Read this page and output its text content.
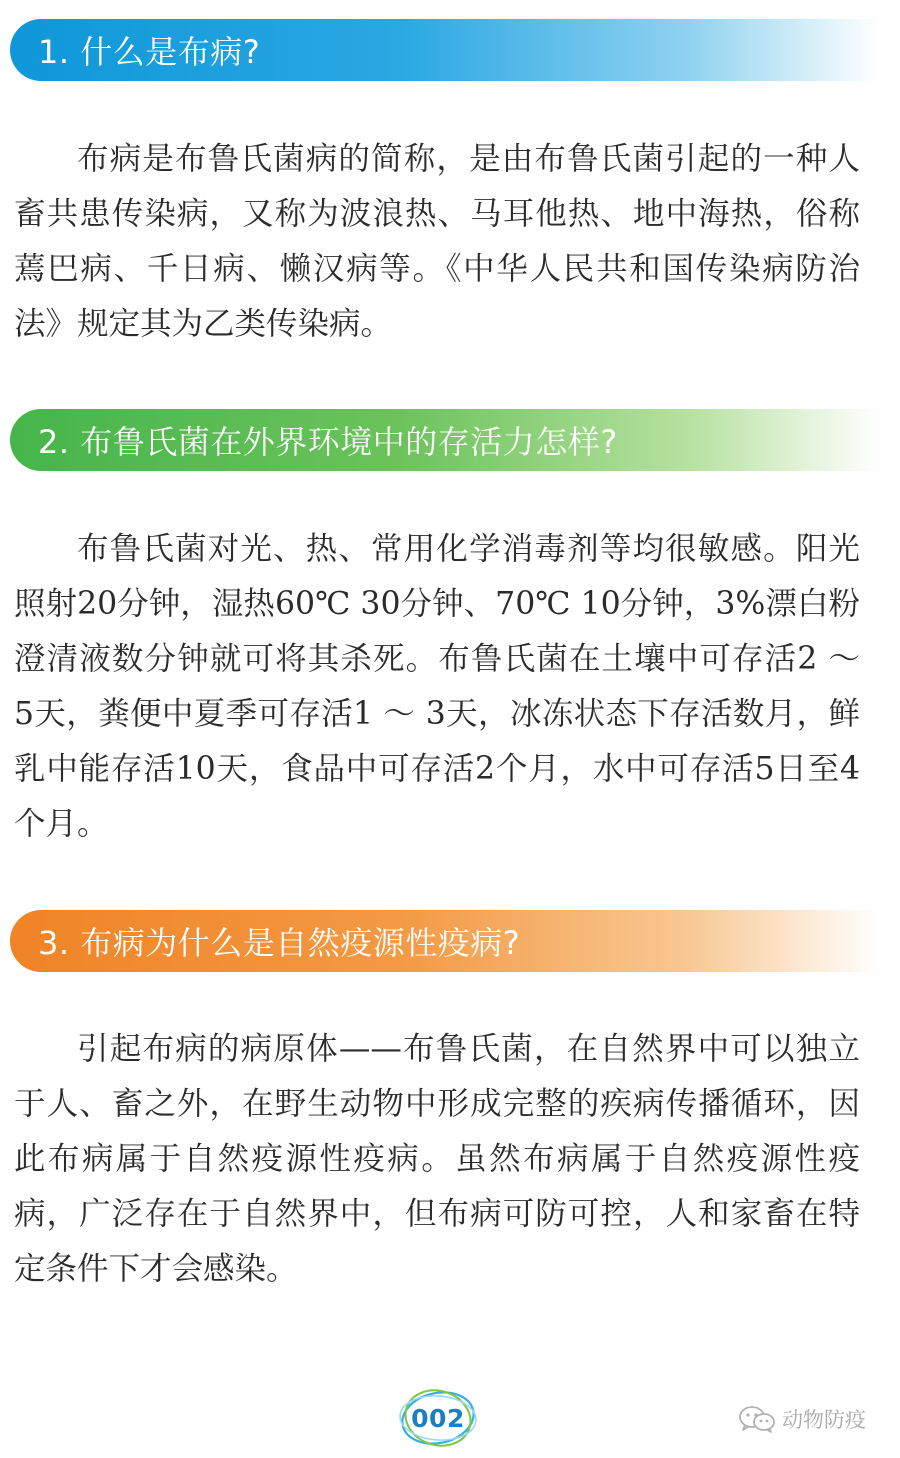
1. 什么是布病?

布病是布鲁氏菌病的简称，是由布鲁氏菌引起的一种人畜共患传染病，又称为波浪热、马耳他热、地中海热，俗称蔫巴病、千日病、懒汉病等。《中华人民共和国传染病防治法》规定其为乙类传染病。

2. 布鲁氏菌在外界环境中的存活力怎样?

布鲁氏菌对光、热、常用化学消毒剂等均很敏感。阳光照射20分钟，湿热60℃ 30分钟、70℃ 10分钟，3%漂白粉澄清液数分钟就可将其杀死。布鲁氏菌在土壤中可存活2 ～ 5天，粪便中夏季可存活1 ～ 3天，冰冻状态下存活数月，鲜乳中能存活10天，食品中可存活2个月，水中可存活5日至4个月。

3. 布病为什么是自然疫源性疫病?

引起布病的病原体——布鲁氏菌，在自然界中可以独立于人、畜之外，在野生动物中形成完整的疾病传播循环，因此布病属于自然疫源性疫病。虽然布病属于自然疫源性疫病，广泛存在于自然界中，但布病可防可控，人和家畜在特定条件下才会感染。

002	动物防疫
